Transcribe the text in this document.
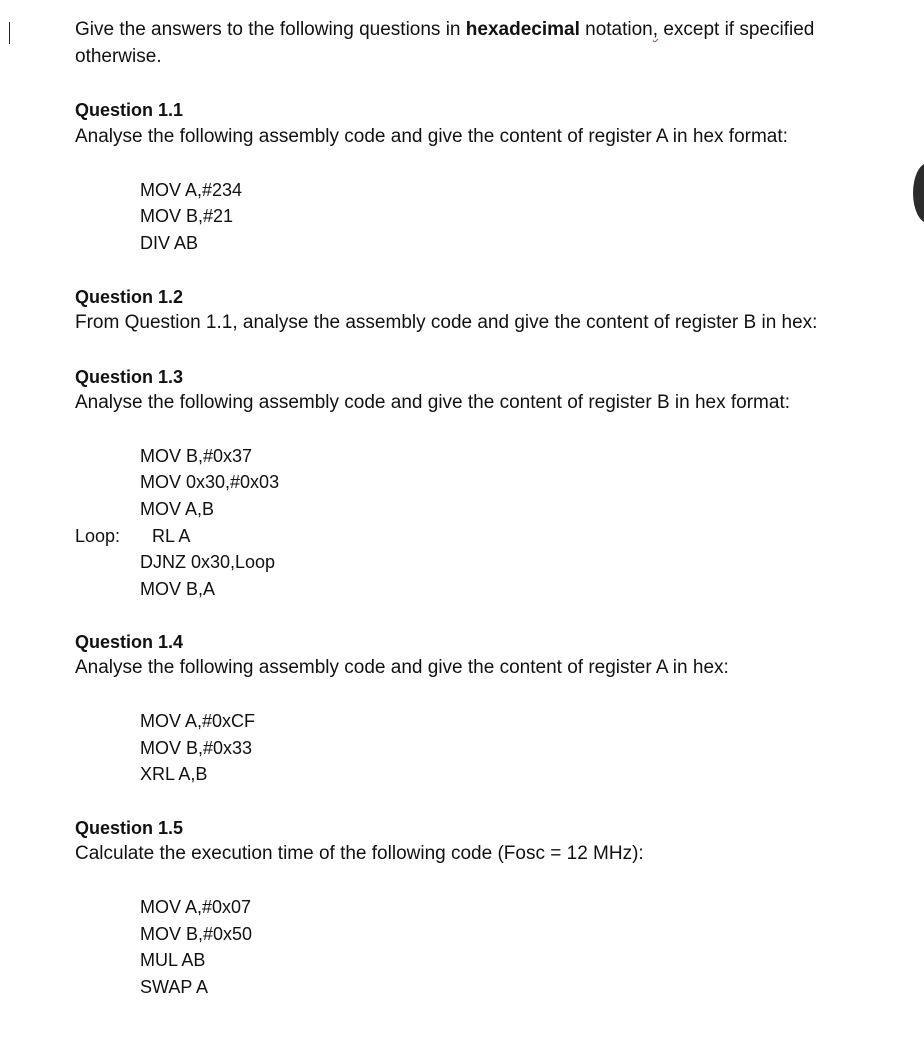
Give the answers to the following questions in hexadecimal notation, except if specified
otherwise.
Question 1.1
Analyse the following assembly code and give the content of register A in hex format:
MOV A,#234
MOV B,#21
DIV AB
Question 1.2
From Question 1.1, analyse the assembly code and give the content of register B in hex:
Question 1.3
Analyse the following assembly code and give the content of register B in hex format:
MOV B,#0x37
MOV 0x30,#0x03
MOV A,B
Loop: RL A
DJNZ 0x30,Loop
MOV B,A
Question 1.4
Analyse the following assembly code and give the content of register A in hex:
MOV A,#0xCF
MOV B,#0x33
XRL A,B
Question 1.5
Calculate the execution time of the following code (Fosc = 12 MHz):
MOV A,#0x07
MOV B,#0x50
MUL AB
SWAP A
